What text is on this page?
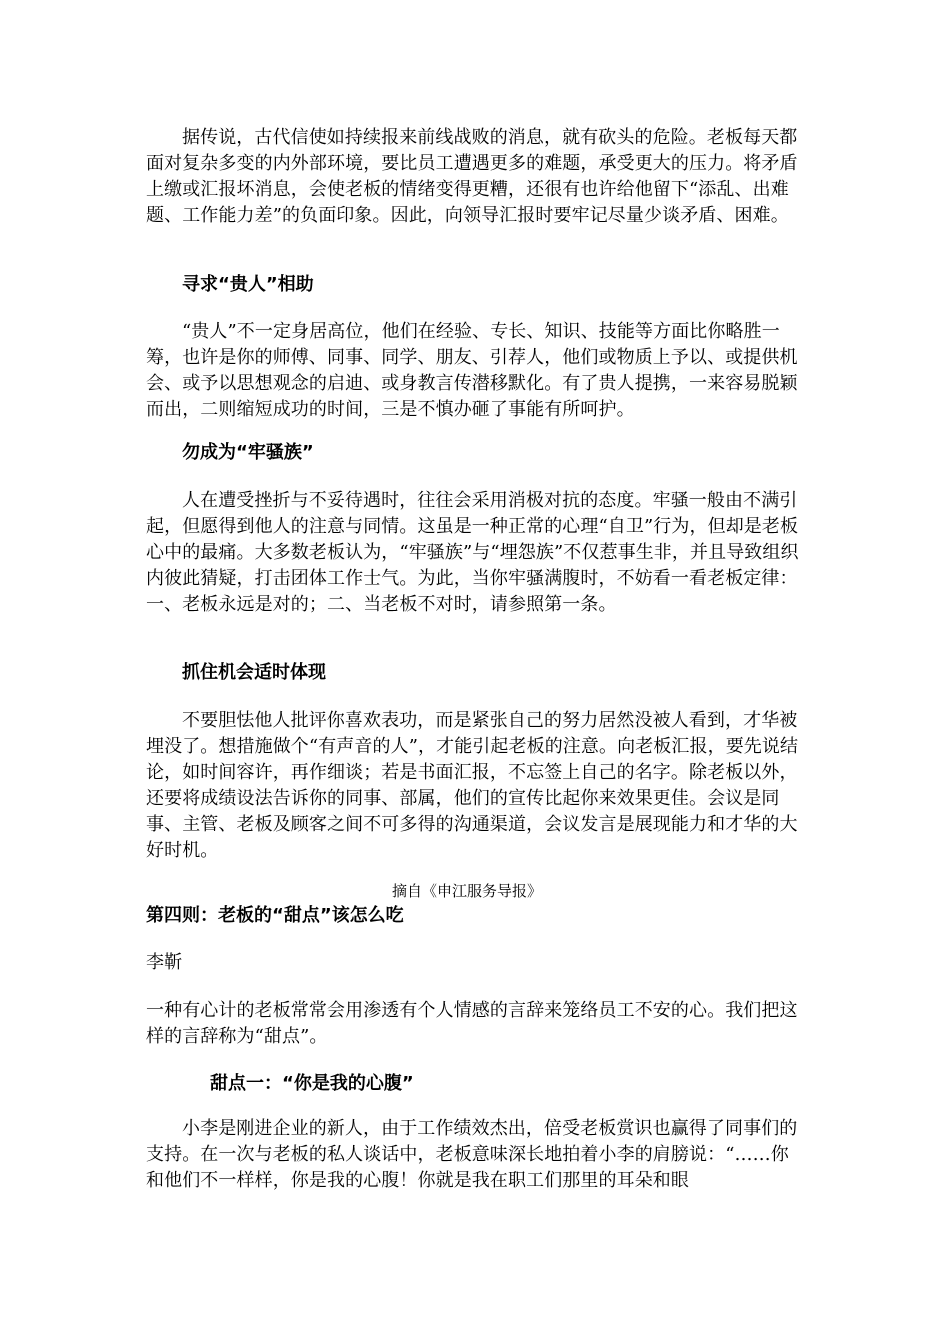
据传说，古代信使如持续报来前线战败的消息，就有砍头的危险。老板每天都面对复杂多变的内外部环境，要比员工遭遇更多的难题，承受更大的压力。将矛盾上缴或汇报坏消息，会使老板的情绪变得更糟，还很有也许给他留下“添乱、出难题、工作能力差”的负面印象。因此，向领导汇报时要牢记尽量少谈矛盾、困难。

寻求“贵人”相助

“贵人”不一定身居高位，他们在经验、专长、知识、技能等方面比你略胜一筹，也许是你的师傅、同事、同学、朋友、引荐人，他们或物质上予以、或提供机会、或予以思想观念的启迪、或身教言传潜移默化。有了贵人提携，一来容易脱颖而出，二则缩短成功的时间，三是不慎办砸了事能有所呵护。

勿成为“牢骚族”

人在遭受挫折与不妥待遇时，往往会采用消极对抗的态度。牢骚一般由不满引起，但愿得到他人的注意与同情。这虽是一种正常的心理“自卫”行为，但却是老板心中的最痛。大多数老板认为，“牢骚族”与“埋怨族”不仅惹事生非，并且导致组织内彼此猜疑，打击团体工作士气。为此，当你牢骚满腹时，不妨看一看老板定律：一、老板永远是对的；二、当老板不对时，请参照第一条。

抓住机会适时体现

不要胆怯他人批评你喜欢表功，而是紧张自己的努力居然没被人看到，才华被埋没了。想措施做个“有声音的人”，才能引起老板的注意。向老板汇报，要先说结论，如时间容许，再作细谈；若是书面汇报，不忘签上自己的名字。除老板以外，还要将成绩设法告诉你的同事、部属，他们的宣传比起你来效果更佳。会议是同事、主管、老板及顾客之间不可多得的沟通渠道，会议发言是展现能力和才华的大好时机。

摘自《申江服务导报》

第四则：老板的“甜点”该怎么吃

李靳

一种有心计的老板常常会用渗透有个人情感的言辞来笼络员工不安的心。我们把这样的言辞称为“甜点”。

甜点一：“你是我的心腹”

小李是刚进企业的新人，由于工作绩效杰出，倍受老板赏识也赢得了同事们的支持。在一次与老板的私人谈话中，老板意味深长地拍着小李的肩膀说：“……你和他们不一样样，你是我的心腹！你就是我在职工们那里的耳朵和眼
